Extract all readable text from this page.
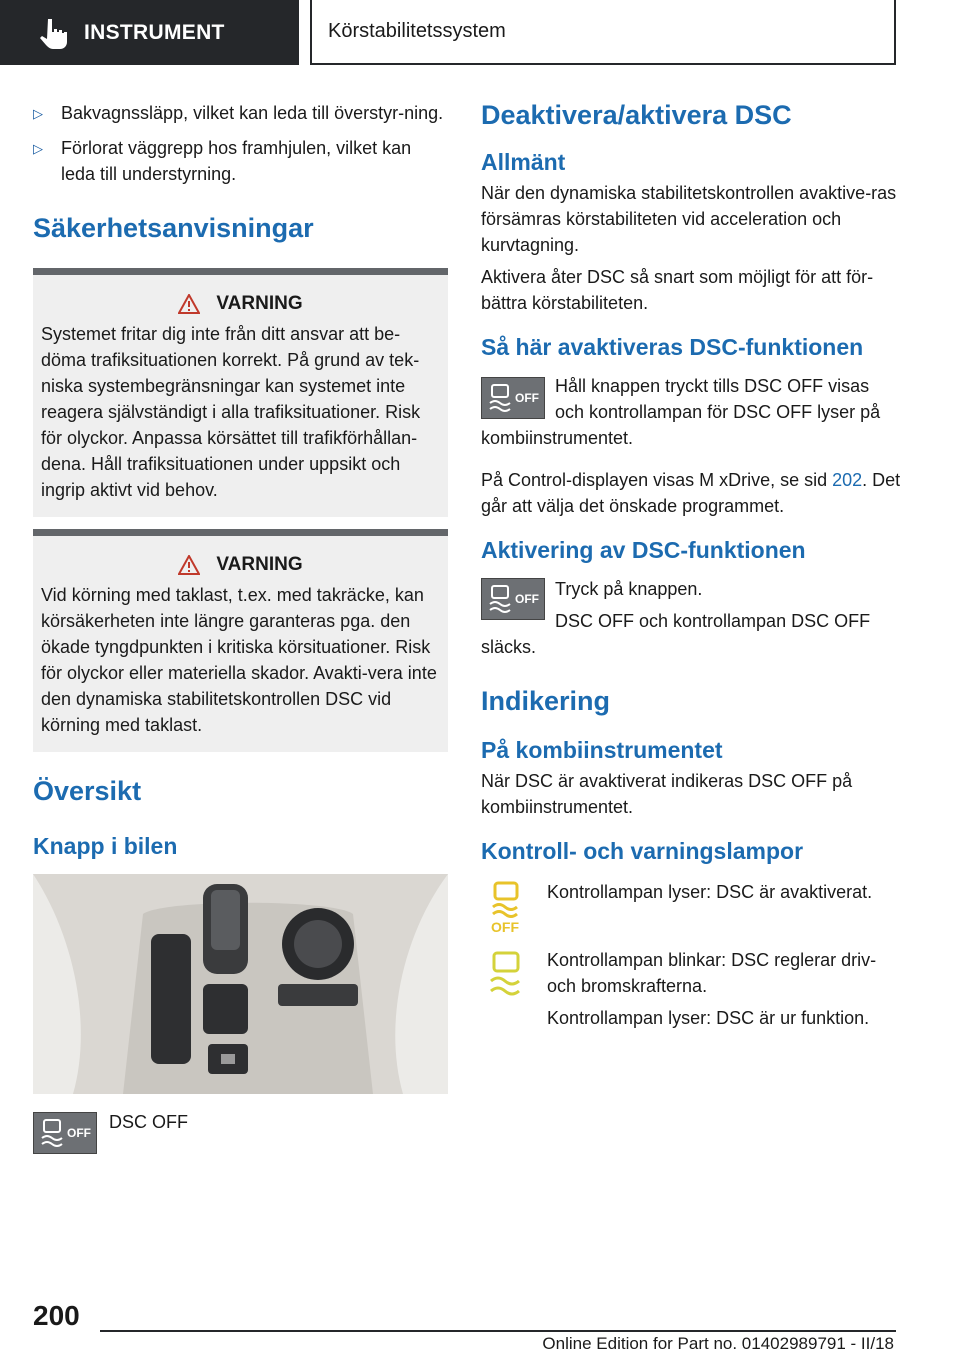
INSTRUMENT	Körstabilitetssystem
▷	Bakvagnssläpp, vilket kan leda till överstyr-ning.
▷	Förlorat väggrepp hos framhjulen, vilket kan leda till understyrning.
Säkerhetsanvisningar
VARNING

Systemet fritar dig inte från ditt ansvar att be-döma trafiksituationen korrekt. På grund av tek-niska systembegränsningar kan systemet inte reagera självständigt i alla trafiksituationer. Risk för olyckor. Anpassa körsättet till trafikförhållan-dena. Håll trafiksituationen under uppsikt och ingrip aktivt vid behov.

VARNING

Vid körning med taklast, t.ex. med takräcke, kan körsäkerheten inte längre garanteras pga. den ökade tyngdpunkten i kritiska körsituationer. Risk för olyckor eller materiella skador. Avakti-vera inte den dynamiska stabilitetskontrollen DSC vid körning med taklast.

Översikt
Knapp i bilen
OFF
DSC OFF
Deaktivera/aktivera DSC
Allmänt

När den dynamiska stabilitetskontrollen avaktive-ras försämras körstabiliteten vid acceleration och kurvtagning.

Aktivera åter DSC så snart som möjligt för att för-bättra körstabiliteten.

Så här avaktiveras DSC-funktionen
OFF

Håll knappen tryckt tills DSC OFF visas och kontrollampan för DSC OFF lyser på kombiinstrumentet.

På Control-displayen visas M xDrive, se sid 202. Det går att välja det önskade programmet.

Aktivering av DSC-funktionen
OFF Tryck på knappen.

DSC OFF och kontrollampan DSC OFF släcks.

Indikering
På kombiinstrumentet

När DSC är avaktiverat indikeras DSC OFF på kombiinstrumentet.

Kontroll- och varningslampor
OFF

Kontrollampan lyser: DSC är avaktiverat.

Kontrollampan blinkar: DSC reglerar driv- och bromskrafterna.

Kontrollampan lyser: DSC är ur funktion.

200
Online Edition for Part no. 01402989791 - II/18
